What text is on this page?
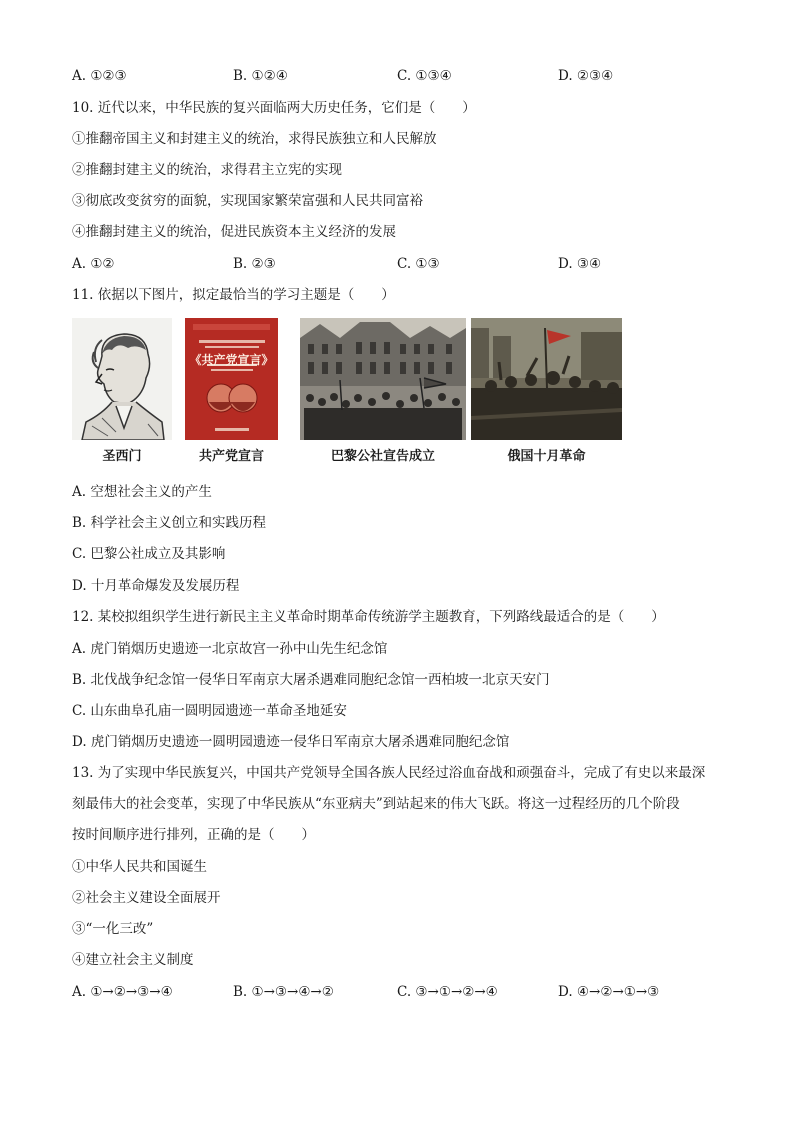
A. ①②③	B. ①②④	C. ①③④	D. ②③④
10. 近代以来，中华民族的复兴面临两大历史任务，它们是（　　）
①推翻帝国主义和封建主义的统治，求得民族独立和人民解放
②推翻封建主义的统治，求得君主立宪的实现
③彻底改变贫穷的面貌，实现国家繁荣富强和人民共同富裕
④推翻封建主义的统治，促进民族资本主义经济的发展
A. ①②	B. ②③	C. ①③	D. ③④
11. 依据以下图片，拟定最恰当的学习主题是（　　）
《共产党宣言》
圣西门	共产党宣言	巴黎公社宣告成立	俄国十月革命
A. 空想社会主义的产生
B. 科学社会主义创立和实践历程
C. 巴黎公社成立及其影响
D. 十月革命爆发及发展历程
12. 某校拟组织学生进行新民主主义革命时期革命传统游学主题教育，下列路线最适合的是（　　）
A. 虎门销烟历史遗迹一北京故宫一孙中山先生纪念馆
B. 北伐战争纪念馆一侵华日军南京大屠杀遇难同胞纪念馆一西柏坡一北京天安门
C. 山东曲阜孔庙一圆明园遗迹一革命圣地延安
D. 虎门销烟历史遗迹一圆明园遗迹一侵华日军南京大屠杀遇难同胞纪念馆
13. 为了实现中华民族复兴，中国共产党领导全国各族人民经过浴血奋战和顽强奋斗，完成了有史以来最深
刻最伟大的社会变革，实现了中华民族从“东亚病夫”到站起来的伟大飞跃。将这一过程经历的几个阶段
按时间顺序进行排列，正确的是（　　）
①中华人民共和国诞生
②社会主义建设全面展开
③“一化三改”
④建立社会主义制度
A. ①→②→③→④	B. ①→③→④→②	C. ③→①→②→④	D. ④→②→①→③
